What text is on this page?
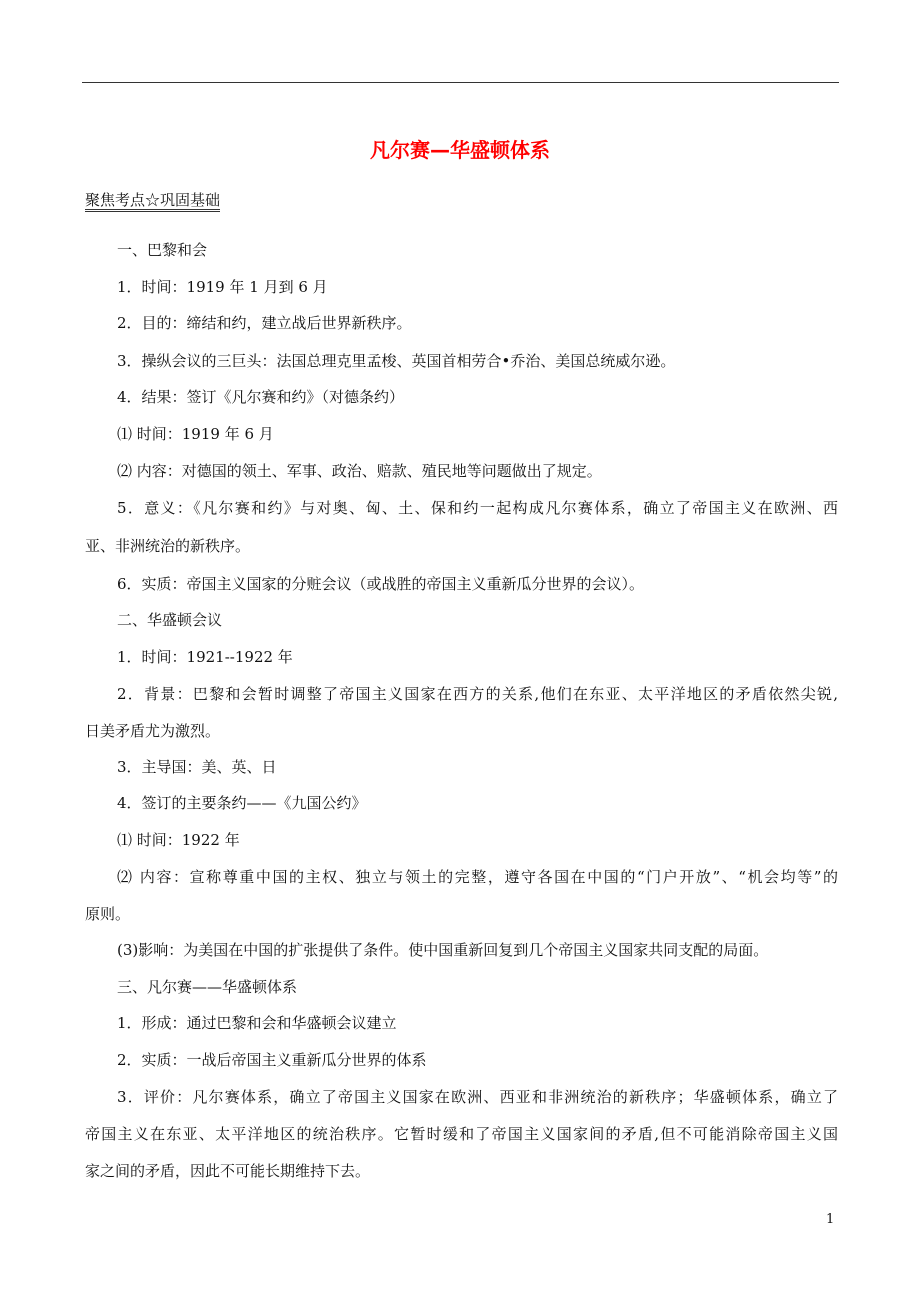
凡尔赛—华盛顿体系
聚焦考点☆巩固基础
一、巴黎和会
1．时间：1919 年 1 月到 6 月
2．目的：缔结和约，建立战后世界新秩序。
3．操纵会议的三巨头：法国总理克里孟梭、英国首相劳合•乔治、美国总统威尔逊。
4．结果：签订《凡尔赛和约》（对德条约）
⑴ 时间：1919 年 6 月
⑵ 内容：对德国的领土、军事、政治、赔款、殖民地等问题做出了规定。
5．意义：《凡尔赛和约》与对奥、匈、土、保和约一起构成凡尔赛体系，确立了帝国主义在欧洲、西
亚、非洲统治的新秩序。
6．实质：帝国主义国家的分赃会议（或战胜的帝国主义重新瓜分世界的会议）。
二、华盛顿会议
1．时间：1921--1922 年
2．背景：巴黎和会暂时调整了帝国主义国家在西方的关系,他们在东亚、太平洋地区的矛盾依然尖锐,
日美矛盾尤为激烈。
3．主导国：美、英、日
4．签订的主要条约——《九国公约》
⑴ 时间：1922 年
⑵ 内容：宣称尊重中国的主权、独立与领土的完整，遵守各国在中国的“门户开放”、“机会均等”的
原则。
(3)影响：为美国在中国的扩张提供了条件。使中国重新回复到几个帝国主义国家共同支配的局面。
三、凡尔赛——华盛顿体系
1．形成：通过巴黎和会和华盛顿会议建立
2．实质：一战后帝国主义重新瓜分世界的体系
3．评价：凡尔赛体系，确立了帝国主义国家在欧洲、西亚和非洲统治的新秩序；华盛顿体系，确立了
帝国主义在东亚、太平洋地区的统治秩序。它暂时缓和了帝国主义国家间的矛盾,但不可能消除帝国主义国
家之间的矛盾，因此不可能长期维持下去。
1
